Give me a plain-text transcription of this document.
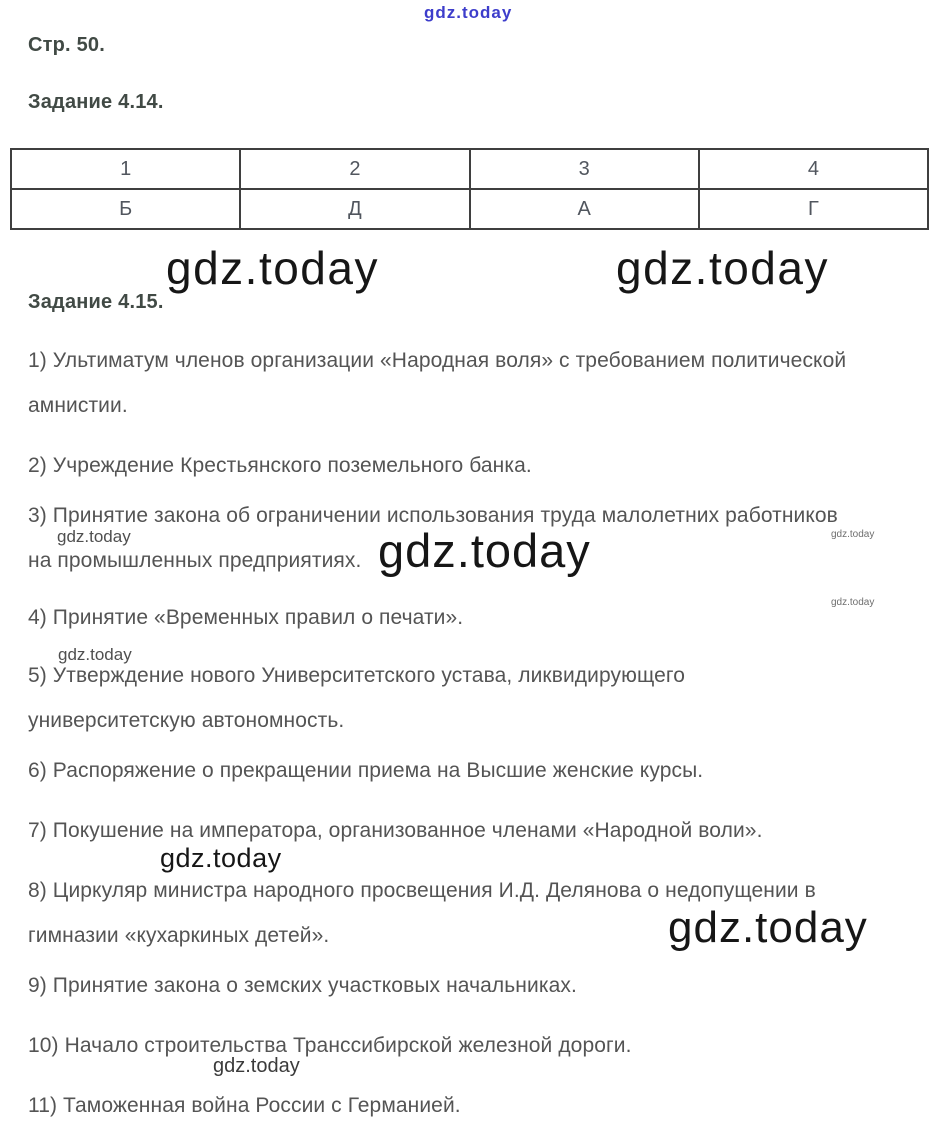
gdz.today
Стр. 50.
Задание 4.14.
1	2	3	4
Б	Д	А	Г
gdz.today	gdz.today
Задание 4.15.

1) Ультиматум членов организации «Народная воля» с требованием политической
амнистии.

2) Учреждение Крестьянского поземельного банка.

3) Принятие закона об ограничении использования труда малолетних работников
на промышленных предприятиях.

4) Принятие «Временных правил о печати».

5) Утверждение нового Университетского устава, ликвидирующего
университетскую автономность.

6) Распоряжение о прекращении приема на Высшие женские курсы.

7) Покушение на императора, организованное членами «Народной воли».

8) Циркуляр министра народного просвещения И.Д. Делянова о недопущении в
гимназии «кухаркиных детей».

9) Принятие закона о земских участковых начальниках.

10) Начало строительства Транссибирской железной дороги.

11) Таможенная война России с Германией.

gdz.today	gdz.today
gdz.today
gdz.today
gdz.today
gdz.today
gdz.today
gdz.today
